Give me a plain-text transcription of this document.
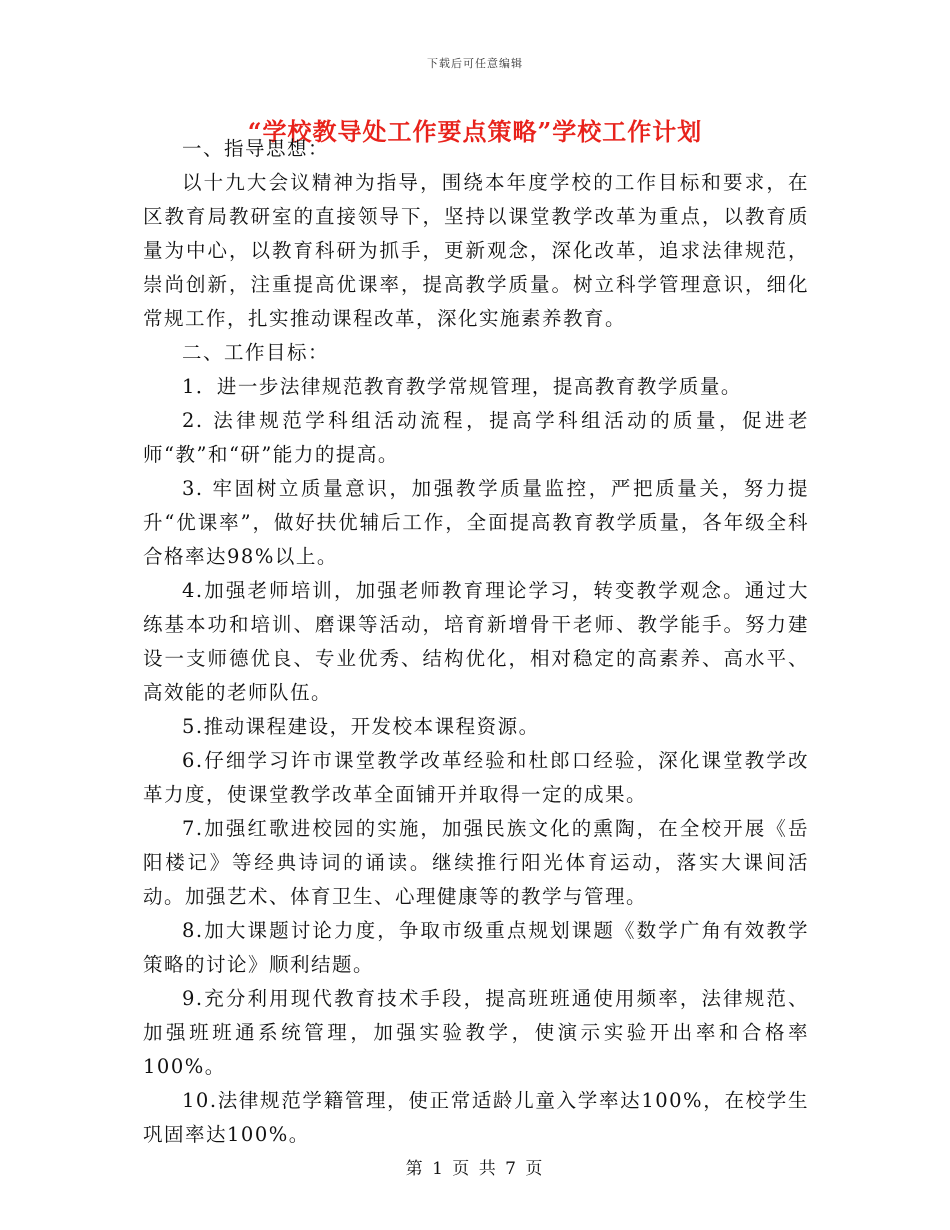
下载后可任意编辑
“学校教导处工作要点策略”学校工作计划

一、指导思想：

以十九大会议精神为指导，围绕本年度学校的工作目标和要求，在区教育局教研室的直接领导下，坚持以课堂教学改革为重点，以教育质量为中心，以教育科研为抓手，更新观念，深化改革，追求法律规范，崇尚创新，注重提高优课率，提高教学质量。树立科学管理意识，细化常规工作，扎实推动课程改革，深化实施素养教育。

二、工作目标：

1．进一步法律规范教育教学常规管理，提高教育教学质量。

2. 法律规范学科组活动流程，提高学科组活动的质量，促进老师“教”和“研”能力的提高。

3. 牢固树立质量意识，加强教学质量监控，严把质量关，努力提升“优课率”，做好扶优辅后工作，全面提高教育教学质量，各年级全科合格率达98%以上。

4.加强老师培训，加强老师教育理论学习，转变教学观念。通过大练基本功和培训、磨课等活动，培育新增骨干老师、教学能手。努力建设一支师德优良、专业优秀、结构优化，相对稳定的高素养、高水平、高效能的老师队伍。

5.推动课程建设，开发校本课程资源。

6.仔细学习许市课堂教学改革经验和杜郎口经验，深化课堂教学改革力度，使课堂教学改革全面铺开并取得一定的成果。

7.加强红歌进校园的实施，加强民族文化的熏陶，在全校开展《岳阳楼记》等经典诗词的诵读。继续推行阳光体育运动，落实大课间活动。加强艺术、体育卫生、心理健康等的教学与管理。

8.加大课题讨论力度，争取市级重点规划课题《数学广角有效教学策略的讨论》顺利结题。

9.充分利用现代教育技术手段，提高班班通使用频率，法律规范、加强班班通系统管理，加强实验教学，使演示实验开出率和合格率100%。

10.法律规范学籍管理，使正常适龄儿童入学率达100%，在校学生巩固率达100%。

第 1 页 共 7 页
